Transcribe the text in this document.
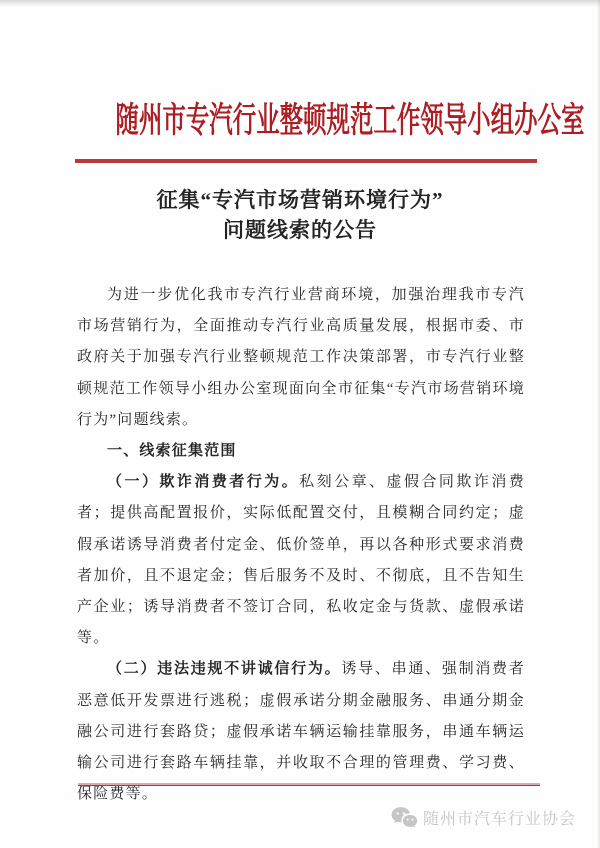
随州市专汽行业整顿规范工作领导小组办公室
征集“专汽市场营销环境行为”
问题线索的公告

为进一步优化我市专汽行业营商环境，加强治理我市专汽市场营销行为，全面推动专汽行业高质量发展，根据市委、市政府关于加强专汽行业整顿规范工作决策部署，市专汽行业整顿规范工作领导小组办公室现面向全市征集“专汽市场营销环境行为”问题线索。

一、线索征集范围

（一）欺诈消费者行为。私刻公章、虚假合同欺诈消费者；提供高配置报价，实际低配置交付，且模糊合同约定；虚假承诺诱导消费者付定金、低价签单，再以各种形式要求消费者加价，且不退定金；售后服务不及时、不彻底，且不告知生产企业；诱导消费者不签订合同，私收定金与货款、虚假承诺等。

（二）违法违规不讲诚信行为。诱导、串通、强制消费者恶意低开发票进行逃税；虚假承诺分期金融服务、串通分期金融公司进行套路贷；虚假承诺车辆运输挂靠服务，串通车辆运输公司进行套路车辆挂靠，并收取不合理的管理费、学习费、保险费等。

随州市汽车行业协会
